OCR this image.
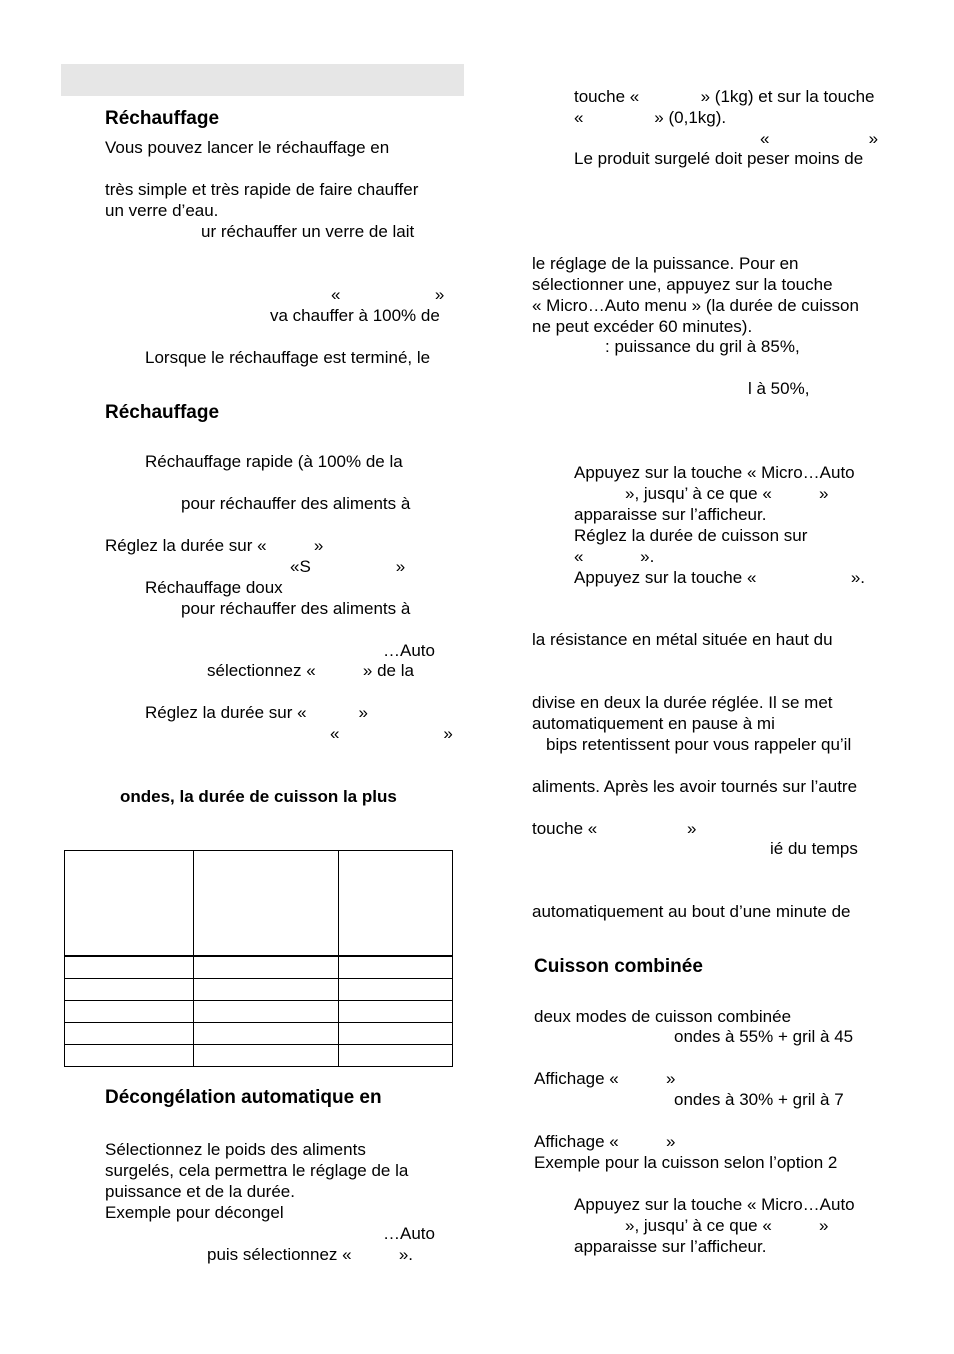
Réchauffage
Vous pouvez lancer le réchauffage en
très simple et très rapide de faire chauffer
un verre d’eau.
ur réchauffer un verre de lait
«                    »
va chauffer à 100% de
Lorsque le réchauffage est terminé, le
Réchauffage
Réchauffage rapide (à 100% de la
pour réchauffer des aliments à
Réglez la durée sur «          »
«S                  »
Réchauffage doux
pour réchauffer des aliments à
…Auto
sélectionnez «          » de la
Réglez la durée sur «           »
«                      »
ondes, la durée de cuisson la plus

Décongélation automatique en
Sélectionnez le poids des aliments
surgelés, cela permettra le réglage de la
puissance et de la durée.
Exemple pour décongel
…Auto
puis sélectionnez «          ».
touche «             » (1kg) et sur la touche
«               » (0,1kg).
«                     »
Le produit surgelé doit peser moins de
le réglage de la puissance. Pour en
sélectionner une, appuyez sur la touche
« Micro…Auto menu » (la durée de cuisson
ne peut excéder 60 minutes).
: puissance du gril à 85%,
l à 50%,
Appuyez sur la touche « Micro…Auto
», jusqu’ à ce que «          »
apparaisse sur l’afficheur.
Réglez la durée de cuisson sur
«            ».
Appuyez sur la touche «                    ».
la résistance en métal située en haut du
divise en deux la durée réglée. Il se met
automatiquement en pause à mi
bips retentissent pour vous rappeler qu’il
aliments. Après les avoir tournés sur l’autre
touche «                   »
ié du temps
automatiquement au bout d’une minute de
Cuisson combinée
deux modes de cuisson combinée
ondes à 55% + gril à 45
Affichage «          »
ondes à 30% + gril à 7
Affichage «          »
Exemple pour la cuisson selon l’option 2
Appuyez sur la touche « Micro…Auto
», jusqu’ à ce que «          »
apparaisse sur l’afficheur.
